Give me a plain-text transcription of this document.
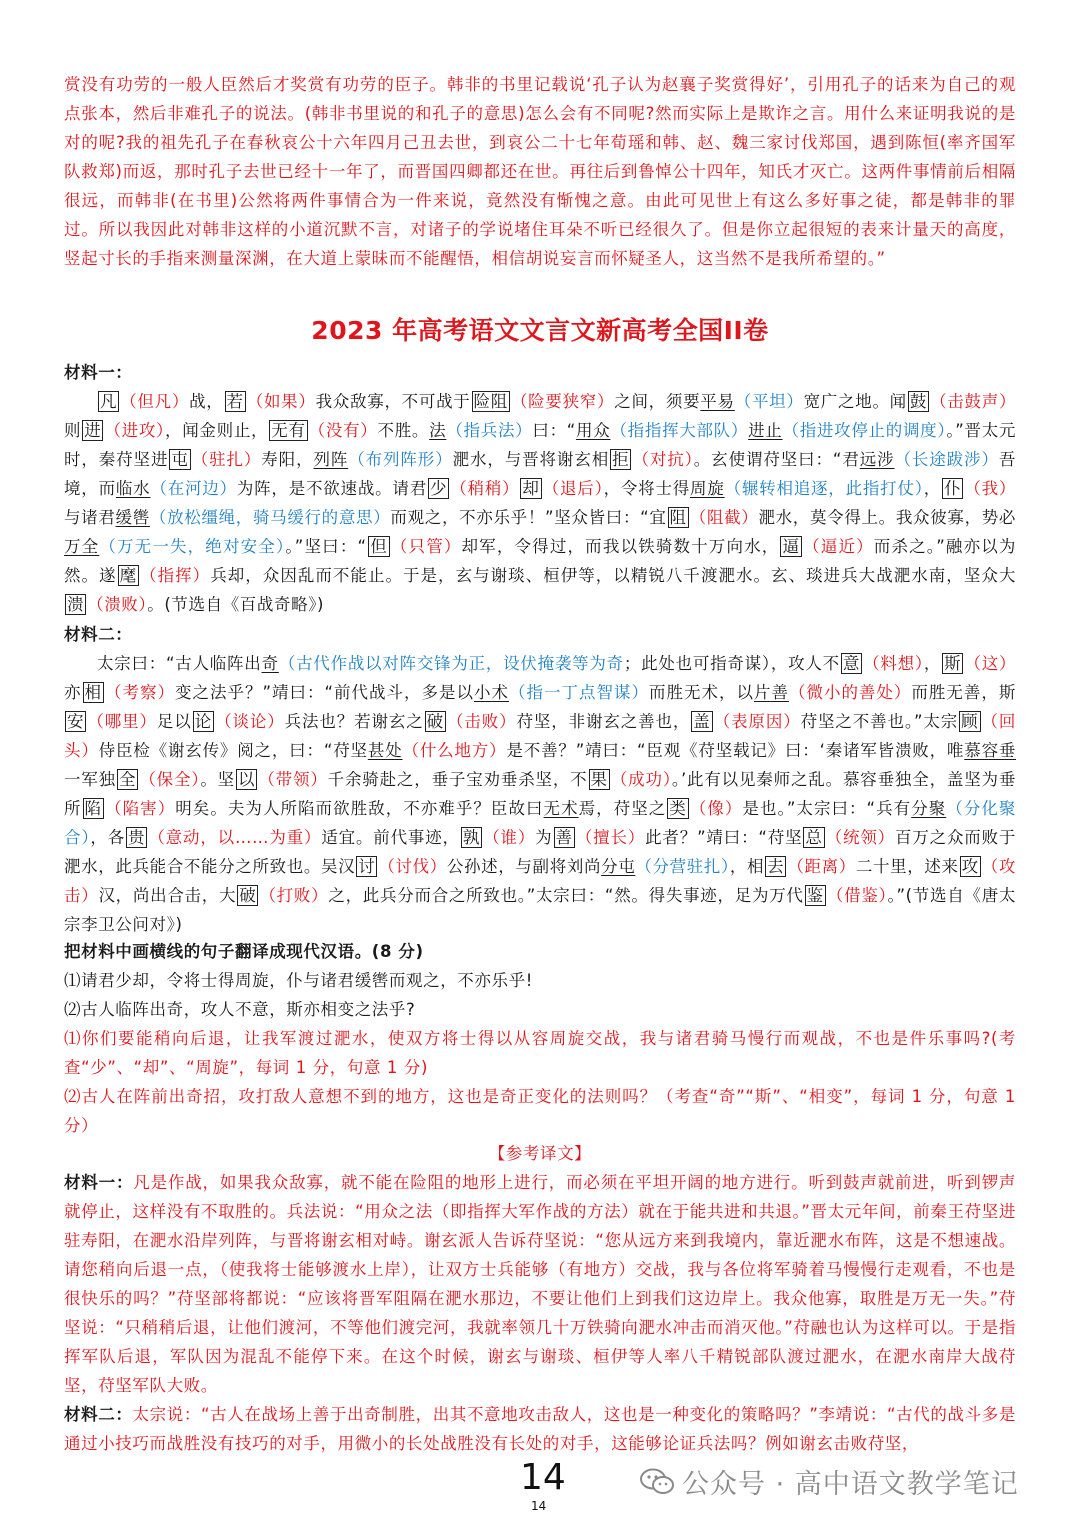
赏没有功劳的一般人臣然后才奖赏有功劳的臣子。韩非的书里记载说‘孔子认为赵襄子奖赏得好’，引用孔子的话来为自己的观点张本，然后非难孔子的说法。(韩非书里说的和孔子的意思)怎么会有不同呢?然而实际上是欺诈之言。用什么来证明我说的是对的呢?我的祖先孔子在春秋哀公十六年四月己丑去世，到哀公二十七年荀瑶和韩、赵、魏三家讨伐郑国，遇到陈恒(率齐国军队救郑)而返，那时孔子去世已经十一年了，而晋国四卿都还在世。再往后到鲁悼公十四年，知氏才灭亡。这两件事情前后相隔很远，而韩非(在书里)公然将两件事情合为一件来说，竟然没有惭愧之意。由此可见世上有这么多好事之徒，都是韩非的罪过。所以我因此对韩非这样的小道沉默不言，对诸子的学说堵住耳朵不听已经很久了。但是你立起很短的表来计量天的高度，竖起寸长的手指来测量深渊，在大道上蒙昧而不能醒悟，相信胡说妄言而怀疑圣人，这当然不是我所希望的。”
2023 年高考语文文言文新高考全国II卷
材料一：
凡 （但凡）战， 若 （如果）我众敌寡，不可战于 险阻 （险要狭窄）之间，须要平易（平坦）宽广之地。闻 鼓 （击鼓声）则 进 （进攻），闻金则止， 无有 （没有）不胜。法（指兵法）曰：“用众（指指挥大部队）进止（指进攻停止的调度）。”晋太元时，秦苻坚进 屯 （驻扎）寿阳，列阵（布列阵形）淝水，与晋将谢玄相 拒 （对抗）。玄使谓苻坚曰：“君远涉（长途跋涉）吾境，而临水（在河边）为阵，是不欲速战。请君 少 （稍稍） 却 （退后），令将士得周旋（辗转相追逐，此指打仗）， 仆 （我）与诸君缓辔（放松缰绳，骑马缓行的意思）而观之，不亦乐乎！”坚众皆曰：“宜 阻 （阻截）淝水，莫令得上。我众彼寡，势必万全（万无一失，绝对安全）。”坚曰：“ 但 （只管）却军，令得过，而我以铁骑数十万向水， 逼 （逼近）而杀之。”融亦以为然。遂 麾 （指挥）兵却，众因乱而不能止。于是，玄与谢琰、桓伊等，以精锐八千渡淝水。玄、琰进兵大战淝水南，坚众大溃 （溃败）。(节选自《百战奇略》)
材料二：
太宗曰：“古人临阵出奇（古代作战以对阵交锋为正，设伏掩袭等为奇；此处也可指奇谋），攻人不 意 （料想）， 斯 （这）亦 相 （考察）变之法乎？”靖曰：“前代战斗，多是以小术（指一丁点智谋）而胜无术，以片善（微小的善处）而胜无善，斯安 （哪里）足以 论 （谈论）兵法也？若谢玄之 破 （击败）苻坚，非谢玄之善也， 盖 （表原因）苻坚之不善也。”太宗 顾 （回头）侍臣检《谢玄传》阅之，曰：“苻坚甚处（什么地方）是不善？”靖曰：“臣观《苻坚载记》曰：‘秦诸军皆溃败，唯慕容垂一军独 全 （保全）。坚 以 （带领）千余骑赴之，垂子宝劝垂杀坚，不 果 （成功）。’此有以见秦师之乱。慕容垂独全，盖坚为垂所 陷 （陷害）明矣。夫为人所陷而欲胜敌，不亦难乎？臣故曰无术焉，苻坚之 类 （像）是也。”太宗曰：“兵有分聚（分化聚合），各 贵 （意动，以……为重）适宜。前代事迹， 孰 （谁）为 善 （擅长）此者？”靖曰：“苻坚 总 （统领）百万之众而败于淝水，此兵能合不能分之所致也。吴汉 讨 （讨伐）公孙述，与副将刘尚分屯（分营驻扎），相 去 （距离）二十里，述来 攻 （攻击）汉，尚出合击，大 破 （打败）之，此兵分而合之所致也。”太宗曰：“然。得失事迹，足为万代 鉴 （借鉴）。”(节选自《唐太宗李卫公问对》)
把材料中画横线的句子翻译成现代汉语。(8 分)
⑴请君少却，令将士得周旋，仆与诸君缓辔而观之，不亦乐乎!
⑵古人临阵出奇，攻人不意，斯亦相变之法乎?
⑴你们要能稍向后退，让我军渡过淝水，使双方将士得以从容周旋交战，我与诸君骑马慢行而观战，不也是件乐事吗?(考查“少”、“却”、“周旋”，每词 1 分，句意 1 分)
⑵古人在阵前出奇招，攻打敌人意想不到的地方，这也是奇正变化的法则吗？（考查“奇”“斯”、“相变”，每词 1 分，句意 1 分）
【参考译文】
材料一：凡是作战，如果我众敌寡，就不能在险阻的地形上进行，而必须在平坦开阔的地方进行。听到鼓声就前进，听到锣声就停止，这样没有不取胜的。兵法说：“用众之法（即指挥大军作战的方法）就在于能共进和共退。”晋太元年间，前秦王苻坚进驻寿阳，在淝水沿岸列阵，与晋将谢玄相对峙。谢玄派人告诉苻坚说：“您从远方来到我境内，靠近淝水布阵，这是不想速战。请您稍向后退一点，（使我将士能够渡水上岸），让双方士兵能够（有地方）交战，我与各位将军骑着马慢慢行走观看，不也是很快乐的吗？”苻坚部将都说：“应该将晋军阻隔在淝水那边，不要让他们上到我们这边岸上。我众他寡，取胜是万无一失。”苻坚说：“只稍稍后退，让他们渡河，不等他们渡完河，我就率领几十万铁骑向淝水冲击而消灭他。”苻融也认为这样可以。于是指挥军队后退，军队因为混乱不能停下来。在这个时候，谢玄与谢琰、桓伊等人率八千精锐部队渡过淝水，在淝水南岸大战苻坚，苻坚军队大败。
材料二：太宗说：“古人在战场上善于出奇制胜，出其不意地攻击敌人，这也是一种变化的策略吗？”李靖说：“古代的战斗多是通过小技巧而战胜没有技巧的对手，用微小的长处战胜没有长处的对手，这能够论证兵法吗？例如谢玄击败苻坚，
14
14
公众号 · 高中语文教学笔记
